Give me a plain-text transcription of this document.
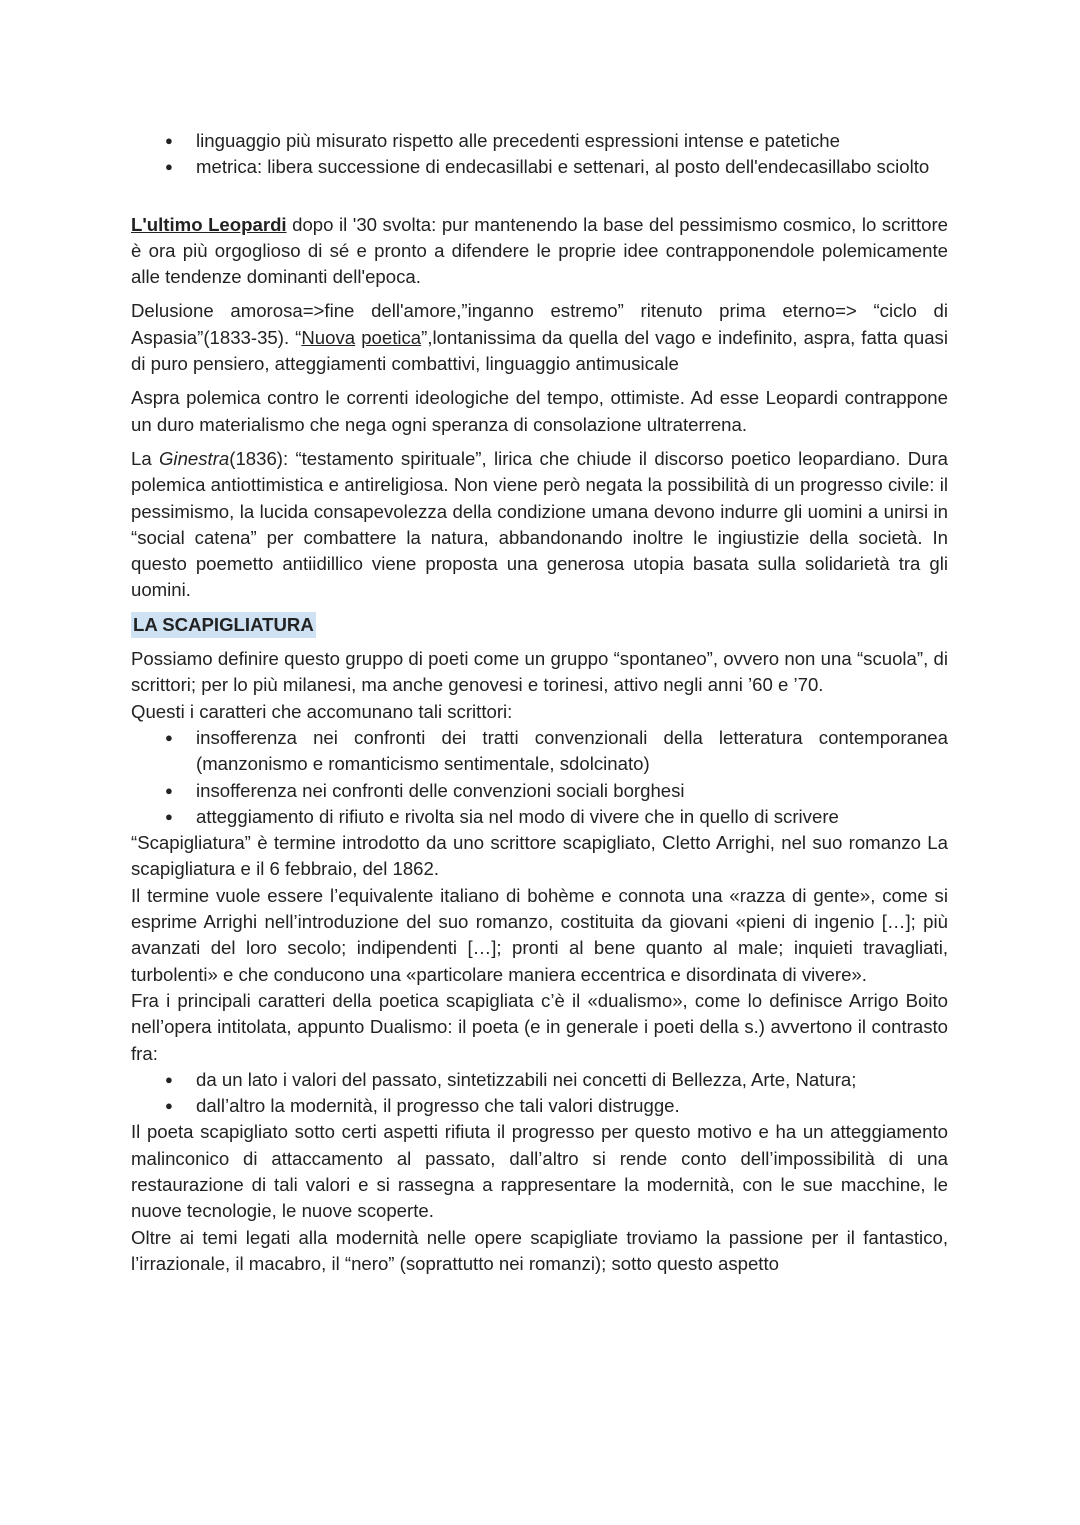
● linguaggio più misurato rispetto alle precedenti espressioni intense e patetiche
● metrica: libera successione di endecasillabi e settenari, al posto dell'endecasillabo sciolto

L'ultimo Leopardi dopo il '30 svolta: pur mantenendo la base del pessimismo cosmico, lo scrittore è ora più orgoglioso di sé e pronto a difendere le proprie idee contrapponendole polemicamente alle tendenze dominanti dell'epoca.

Delusione amorosa=>fine dell'amore,”inganno estremo” ritenuto prima eterno=> “ciclo di Aspasia”(1833-35). “Nuova poetica”,lontanissima da quella del vago e indefinito, aspra, fatta quasi di puro pensiero, atteggiamenti combattivi, linguaggio antimusicale

Aspra polemica contro le correnti ideologiche del tempo, ottimiste. Ad esse Leopardi contrappone un duro materialismo che nega ogni speranza di consolazione ultraterrena.

La Ginestra(1836): “testamento spirituale”, lirica che chiude il discorso poetico leopardiano. Dura polemica antiottimistica e antireligiosa. Non viene però negata la possibilità di un progresso civile: il pessimismo, la lucida consapevolezza della condizione umana devono indurre gli uomini a unirsi in “social catena” per combattere la natura, abbandonando inoltre le ingiustizie della società. In questo poemetto antiidillico viene proposta una generosa utopia basata sulla solidarietà tra gli uomini.

LA SCAPIGLIATURA

Possiamo definire questo gruppo di poeti come un gruppo “spontaneo”, ovvero non una “scuola”, di scrittori; per lo più milanesi, ma anche genovesi e torinesi, attivo negli anni ’60 e ’70.

Questi i caratteri che accomunano tali scrittori:

● insofferenza nei confronti dei tratti convenzionali della letteratura contemporanea (manzonismo e romanticismo sentimentale, sdolcinato)
● insofferenza nei confronti delle convenzioni sociali borghesi
● atteggiamento di rifiuto e rivolta sia nel modo di vivere che in quello di scrivere

“Scapigliatura” è termine introdotto da uno scrittore scapigliato, Cletto Arrighi, nel suo romanzo La scapigliatura e il 6 febbraio, del 1862.

Il termine vuole essere l’equivalente italiano di bohème e connota una «razza di gente», come si esprime Arrighi nell’introduzione del suo romanzo, costituita da giovani «pieni di ingenio […]; più avanzati del loro secolo; indipendenti […]; pronti al bene quanto al male; inquieti travagliati, turbolenti» e che conducono una «particolare maniera eccentrica e disordinata di vivere».

Fra i principali caratteri della poetica scapigliata c’è il «dualismo», come lo definisce Arrigo Boito nell’opera intitolata, appunto Dualismo: il poeta (e in generale i poeti della s.) avvertono il contrasto fra:

● da un lato i valori del passato, sintetizzabili nei concetti di Bellezza, Arte, Natura;
● dall’altro la modernità, il progresso che tali valori distrugge.

Il poeta scapigliato sotto certi aspetti rifiuta il progresso per questo motivo e ha un atteggiamento malinconico di attaccamento al passato, dall’altro si rende conto dell’impossibilità di una restaurazione di tali valori e si rassegna a rappresentare la modernità, con le sue macchine, le nuove tecnologie, le nuove scoperte.

Oltre ai temi legati alla modernità nelle opere scapigliate troviamo la passione per il fantastico, l’irrazionale, il macabro, il “nero” (soprattutto nei romanzi); sotto questo aspetto
